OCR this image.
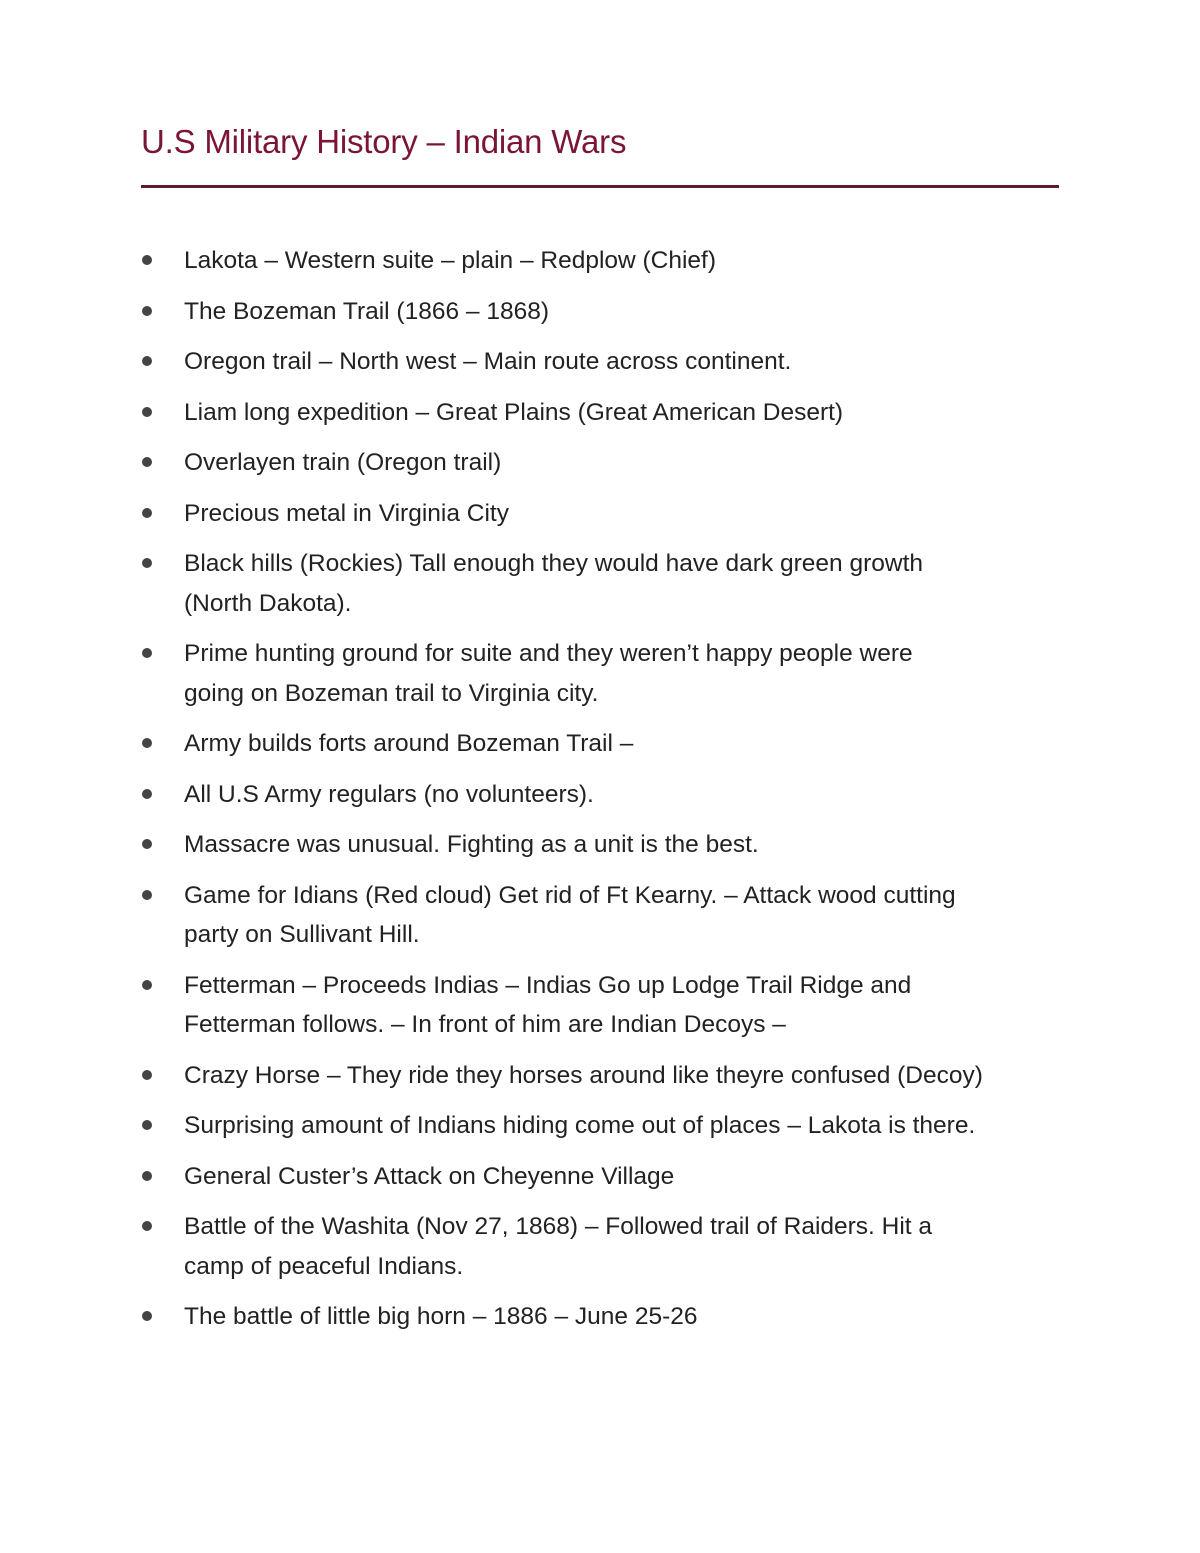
U.S Military History – Indian Wars
Lakota – Western suite – plain – Redplow (Chief)
The Bozeman Trail (1866 – 1868)
Oregon trail – North west – Main route across continent.
Liam long expedition – Great Plains (Great American Desert)
Overlayen train (Oregon trail)
Precious metal in Virginia City
Black hills (Rockies) Tall enough they would have dark green growth
(North Dakota).
Prime hunting ground for suite and they weren’t happy people were
going on Bozeman trail to Virginia city.
Army builds forts around Bozeman Trail –
All U.S Army regulars (no volunteers).
Massacre was unusual. Fighting as a unit is the best.
Game for Idians (Red cloud) Get rid of Ft Kearny. – Attack wood cutting
party on Sullivant Hill.
Fetterman – Proceeds Indias – Indias Go up Lodge Trail Ridge and
Fetterman follows. – In front of him are Indian Decoys –
Crazy Horse – They ride they horses around like theyre confused (Decoy)
Surprising amount of Indians hiding come out of places – Lakota is there.
General Custer’s Attack on Cheyenne Village
Battle of the Washita (Nov 27, 1868) – Followed trail of Raiders. Hit a
camp of peaceful Indians.
The battle of little big horn – 1886 – June 25-26
